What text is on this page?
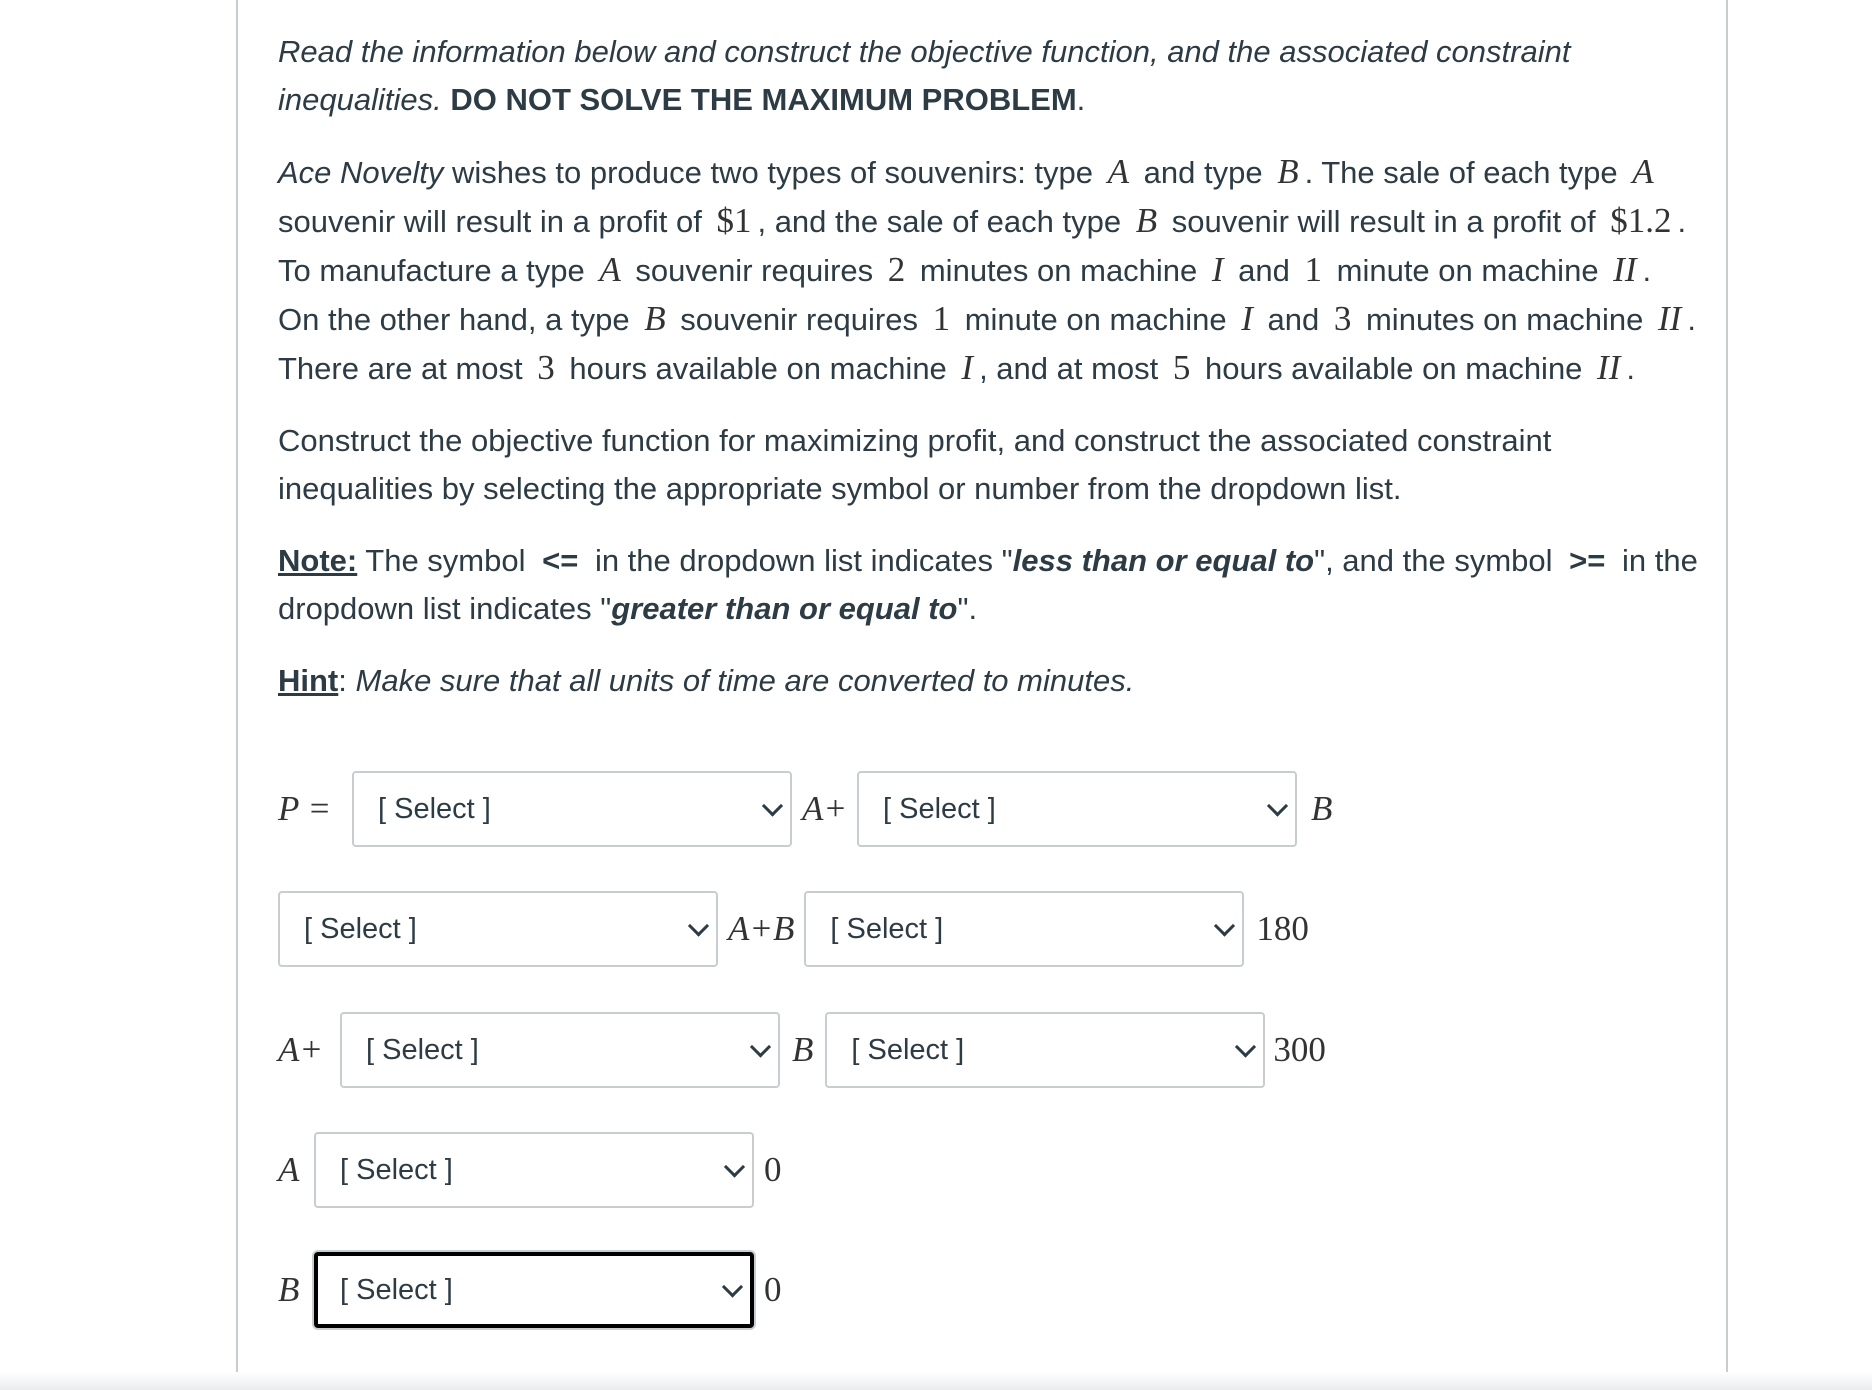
Read the information below and construct the objective function, and the associated constraint inequalities. DO NOT SOLVE THE MAXIMUM PROBLEM.

Ace Novelty wishes to produce two types of souvenirs: type A and type B . The sale of each type A souvenir will result in a profit of $1 , and the sale of each type B souvenir will result in a profit of $1.2 . To manufacture a type A souvenir requires 2 minutes on machine I and 1 minute on machine II . On the other hand, a type B souvenir requires 1 minute on machine I and 3 minutes on machine II . There are at most 3 hours available on machine I , and at most 5 hours available on machine II .

Construct the objective function for maximizing profit, and construct the associated constraint inequalities by selecting the appropriate symbol or number from the dropdown list.

Note: The symbol <= in the dropdown list indicates "less than or equal to", and the symbol >= in the dropdown list indicates "greater than or equal to".

Hint: Make sure that all units of time are converted to minutes.

P =	[ Select ]	A+	[ Select ]	B
[ Select ]	A+B	[ Select ]	180
A+	[ Select ]	B	[ Select ]	300
A	[ Select ]	0
B	[ Select ]	0
